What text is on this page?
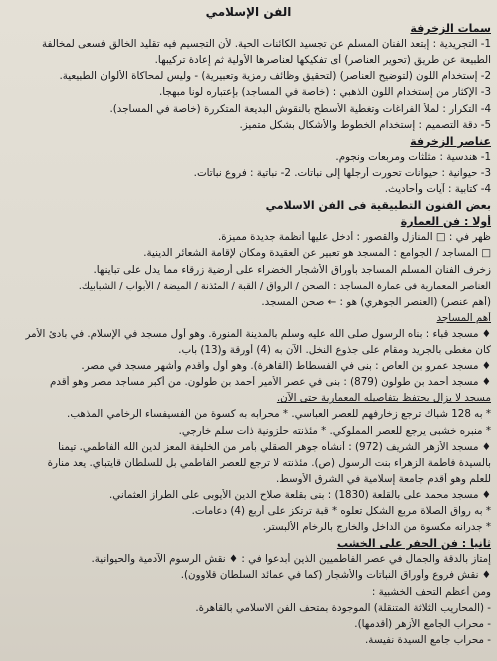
الفن الإسلامي
سمات الزخرفة
1- التجريدية : إبتعد الفنان المسلم عن تجسيد الكائنات الحية. لأن التجسيم فيه تقليد الخالق فسعى لمخالفة
الطبيعة عن طريق (تحوير العناصر) أى تفكيكها لعناصرها الأولية ثم إعادة تركيبها.
2- إستخدام اللون (لتوضيح العناصر) (لتحقيق وظائف رمزية وتعبيرية) - وليس لمحاكاة الألوان الطبيعية.
3- الإكثار من إستخدام اللون الذهبي : (خاصة في المساجد) بإعتباره لونا مبهجا.
4- التكرار : لملأ الفراغات وتغطية الأسطح بالنقوش البديعة المتكررة (خاصة في المساجد).
5- دقة التصميم : إستخدام الخطوط والأشكال بشكل متميز.
عناصر الزخرفة
1- هندسية : مثلثات ومربعات ونجوم.
3- حيوانية : حيوانات تحورت أرجلها إلى نباتات. 2- نباتية : فروع نباتات.
4- كتابية : آيات وأحاديث.
بعض الفنون التطبيقية فى الفن الاسلامي
أولا : فن العمارة
ظهر في : □ المنازل والقصور : أدخل عليها أنظمة جديدة مميزة.
□ المساجد / الجوامع : المسجد هو تعبير عن العقيدة ومكان لإقامة الشعائر الدينية.
زخرف الفنان المسلم المساجد بأوراق الأشجار الخضراء على أرضية زرقاء مما يدل على تباينها.
العناصر المعمارية فى عمارة المساجد : الصحن / الرواق / القبة / المئذنة / الميضة / الأبواب / الشبابيك.
(أهم عنصر) (العنصر الجوهري) هو : ← صحن المسجد.
أهم المساجد
♦ مسجد قباء : بناه الرسول صلى الله عليه وسلم بالمدينة المنورة. وهو أول مسجد في الإسلام. في بادئ الأمر
كان مغطى بالجريد ومقام على جذوع النخل. الآن به (4) أورقة و(13) باب.
♦ مسجد عمرو بن العاص : بنى في الفسطاط (القاهرة). وهو أول وأقدم وأشهر مسجد في مصر.
♦ مسجد أحمد بن طولون (879) : بنى في عصر الأمير أحمد بن طولون. من أكبر مساجد مصر وهو أقدم
مسجد لا يزال يحتفظ بتفاصيله المعمارية حتى الآن.
* به 128 شباك ترجع زخارفهم للعصر العباسي. * محرابه به كسوة من الفسيفساء الرخامي المذهب.
* منبره خشبى يرجع للعصر المملوكي. * مئذنته حلزونية ذات سلم خارجي.
♦ مسجد الأزهر الشريف (972) : أنشأه جوهر الصقلي بأمر من الخليفة المعز لدين الله الفاطمي. تيمنا
بالسيدة فاطمة الزهراء بنت الرسول (ص). مئذنته لا ترجع للعصر الفاطمي بل للسلطان قايتباي. يعد منارة
للعلم وهو أقدم جامعة إسلامية في الشرق الأوسط.
♦ مسجد محمد على بالقلعة (1830) : بنى بقلعة صلاح الدين الأيوبى على الطراز العثماني.
* به رواق الصلاة مربع الشكل تعلوه * قبة ترتكز على أربع (4) دعامات.
* جدرانه مكسوة من الداخل والخارج بالرخام الألبستر.
ثانيا : فن الحفر على الخشب
إمتاز بالدقة والجمال في عصر الفاطميين الذين أبدعوا في : ♦ نقش الرسوم الآدمية والحيوانية.
♦ نقش فروع وأوراق النباتات والأشجار (كما في عمائد السلطان قلاوون).
ومن أعظم التحف الخشبية :
- (المحاريب الثلاثة المتنقلة) الموجودة بمتحف الفن الاسلامي بالقاهرة.
- محراب الجامع الأزهر (أقدمها).
- محراب جامع السيدة نفيسة.
